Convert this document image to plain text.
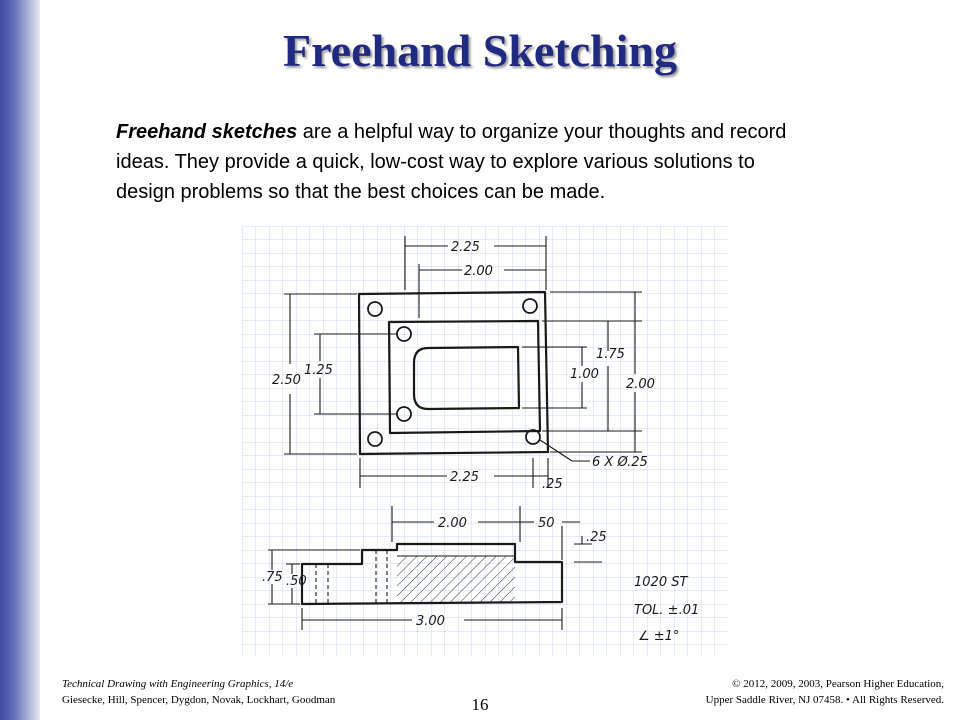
Freehand Sketching

Freehand sketches are a helpful way to organize your thoughts and record ideas. They provide a quick, low-cost way to explore various solutions to design problems so that the best choices can be made.

2.25
2.00
2.50
1.25
1.75
1.00
2.00
2.25	.25
6 X Ø.25
2.00	50
.25
.75 .50
3.00
1020 ST
TOL. ±.01
∠ ±1°
Technical Drawing with Engineering Graphics, 14/e
Giesecke, Hill, Spencer, Dygdon, Novak, Lockhart, Goodman	16
© 2012, 2009, 2003, Pearson Higher Education,
Upper Saddle River, NJ 07458. • All Rights Reserved.
